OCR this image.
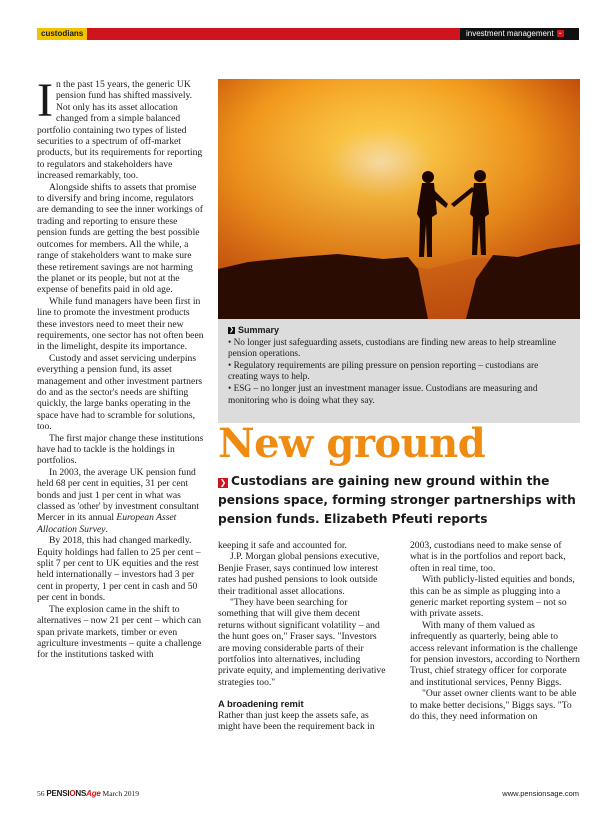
custodians	investment management ⌄

In the past 15 years, the generic UK pension fund has shifted massively. Not only has its asset allocation changed from a simple balanced portfolio containing two types of listed securities to a spectrum of off-market products, but its requirements for reporting to regulators and stakeholders have increased remarkably, too.

Alongside shifts to assets that promise to diversify and bring income, regulators are demanding to see the inner workings of trading and reporting to ensure these pension funds are getting the best possible outcomes for members. All the while, a range of stakeholders want to make sure these retirement savings are not harming the planet or its people, but not at the expense of benefits paid in old age.

While fund managers have been first in line to promote the investment products these investors need to meet their new requirements, one sector has not often been in the limelight, despite its importance.

Custody and asset servicing underpins everything a pension fund, its asset management and other investment partners do and as the sector's needs are shifting quickly, the large banks operating in the space have had to scramble for solutions, too.

The first major change these institutions have had to tackle is the holdings in portfolios.

In 2003, the average UK pension fund held 68 per cent in equities, 31 per cent bonds and just 1 per cent in what was classed as 'other' by investment consultant Mercer in its annual European Asset Allocation Survey.

By 2018, this had changed markedly. Equity holdings had fallen to 25 per cent – split 7 per cent to UK equities and the rest held internationally – investors had 3 per cent in property, 1 per cent in cash and 50 per cent in bonds.

The explosion came in the shift to alternatives – now 21 per cent – which can span private markets, timber or even agriculture investments – quite a challenge for the institutions tasked with

❯ Summary

• No longer just safeguarding assets, custodians are finding new areas to help streamline pension operations.

• Regulatory requirements are piling pressure on pension reporting – custodians are creating ways to help.

• ESG – no longer just an investment manager issue. Custodians are measuring and monitoring who is doing what they say.

New ground
❯ Custodians are gaining new ground within the pensions space, forming stronger partnerships with pension funds. Elizabeth Pfeuti reports

keeping it safe and accounted for.

J.P. Morgan global pensions executive, Benjie Fraser, says continued low interest rates had pushed pensions to look outside their traditional asset allocations.

"They have been searching for something that will give them decent returns without significant volatility – and the hunt goes on," Fraser says. "Investors are moving considerable parts of their portfolios into alternatives, including private equity, and implementing derivative strategies too."

A broadening remit

Rather than just keep the assets safe, as might have been the requirement back in

2003, custodians need to make sense of what is in the portfolios and report back, often in real time, too.

With publicly-listed equities and bonds, this can be as simple as plugging into a generic market reporting system – not so with private assets.

With many of them valued as infrequently as quarterly, being able to access relevant information is the challenge for pension investors, according to Northern Trust, chief strategy officer for corporate and institutional services, Penny Biggs.

"Our asset owner clients want to be able to make better decisions," Biggs says. "To do this, they need information on

56 PENSIONSAge March 2019	www.pensionsage.com
